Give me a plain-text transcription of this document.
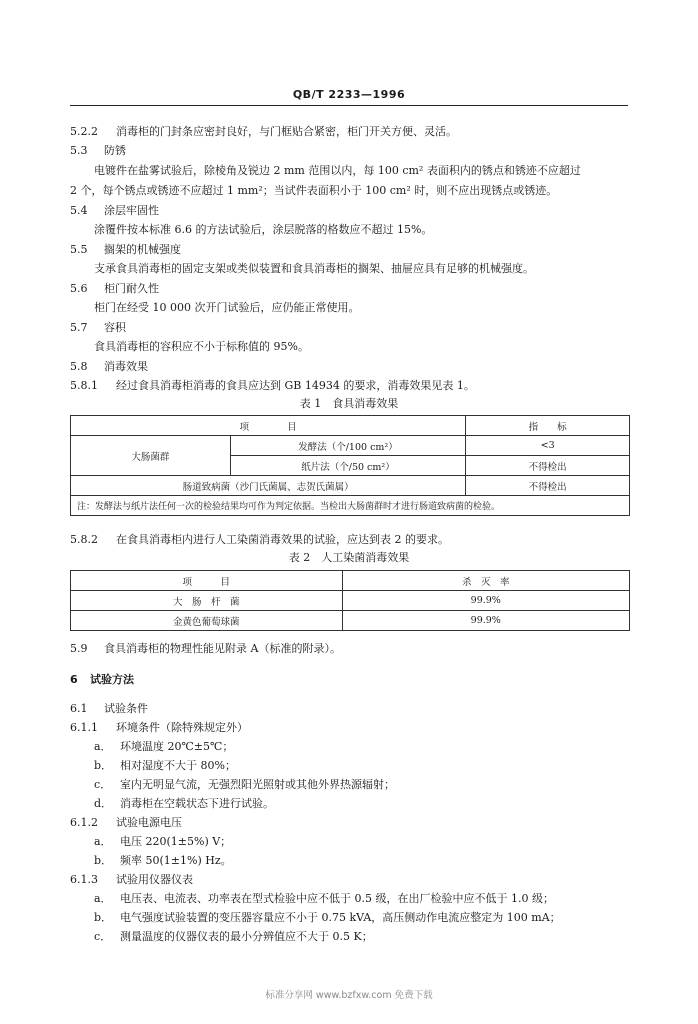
QB/T 2233—1996
5.2.2 消毒柜的门封条应密封良好，与门框贴合紧密，柜门开关方便、灵活。
5.3 防锈
电镀件在盐雾试验后，除棱角及锐边 2 mm 范围以内，每 100 cm² 表面积内的锈点和锈迹不应超过
2 个，每个锈点或锈迹不应超过 1 mm²；当试件表面积小于 100 cm² 时，则不应出现锈点或锈迹。
5.4 涂层牢固性
涂覆件按本标准 6.6 的方法试验后，涂层脱落的格数应不超过 15%。
5.5 搁架的机械强度
支承食具消毒柜的固定支架或类似装置和食具消毒柜的搁架、抽屉应具有足够的机械强度。
5.6 柜门耐久性
柜门在经受 10 000 次开门试验后，应仍能正常使用。
5.7 容积
食具消毒柜的容积应不小于标称值的 95%。
5.8 消毒效果
5.8.1 经过食具消毒柜消毒的食具应达到 GB 14934 的要求，消毒效果见表 1。
表 1　食具消毒效果
项　　　　目		指　　标
大肠菌群	发酵法（个/100 cm²）	<3
	纸片法（个/50 cm²）	不得检出
肠道致病菌（沙门氏菌属、志贺氏菌属）		不得检出
注：发酵法与纸片法任何一次的检验结果均可作为判定依据。当检出大肠菌群时才进行肠道致病菌的检验。		
5.8.2 在食具消毒柜内进行人工染菌消毒效果的试验，应达到表 2 的要求。
表 2　人工染菌消毒效果
项　　　目	杀　灭　率
大　肠　杆　菌	99.9%
金黄色葡萄球菌	99.9%
5.9 食具消毒柜的物理性能见附录 A（标准的附录）。
6 试验方法
6.1 试验条件
6.1.1 环境条件（除特殊规定外）
a． 环境温度 20℃±5℃；
b． 相对湿度不大于 80%；
c． 室内无明显气流，无强烈阳光照射或其他外界热源辐射；
d． 消毒柜在空载状态下进行试验。
6.1.2 试验电源电压
a． 电压 220(1±5%) V；
b． 频率 50(1±1%) Hz。
6.1.3 试验用仪器仪表
a． 电压表、电流表、功率表在型式检验中应不低于 0.5 级，在出厂检验中应不低于 1.0 级；
b． 电气强度试验装置的变压器容量应不小于 0.75 kVA，高压侧动作电流应整定为 100 mA；
c． 测量温度的仪器仪表的最小分辨值应不大于 0.5 K；
标准分享网 www.bzfxw.com 免费下载
